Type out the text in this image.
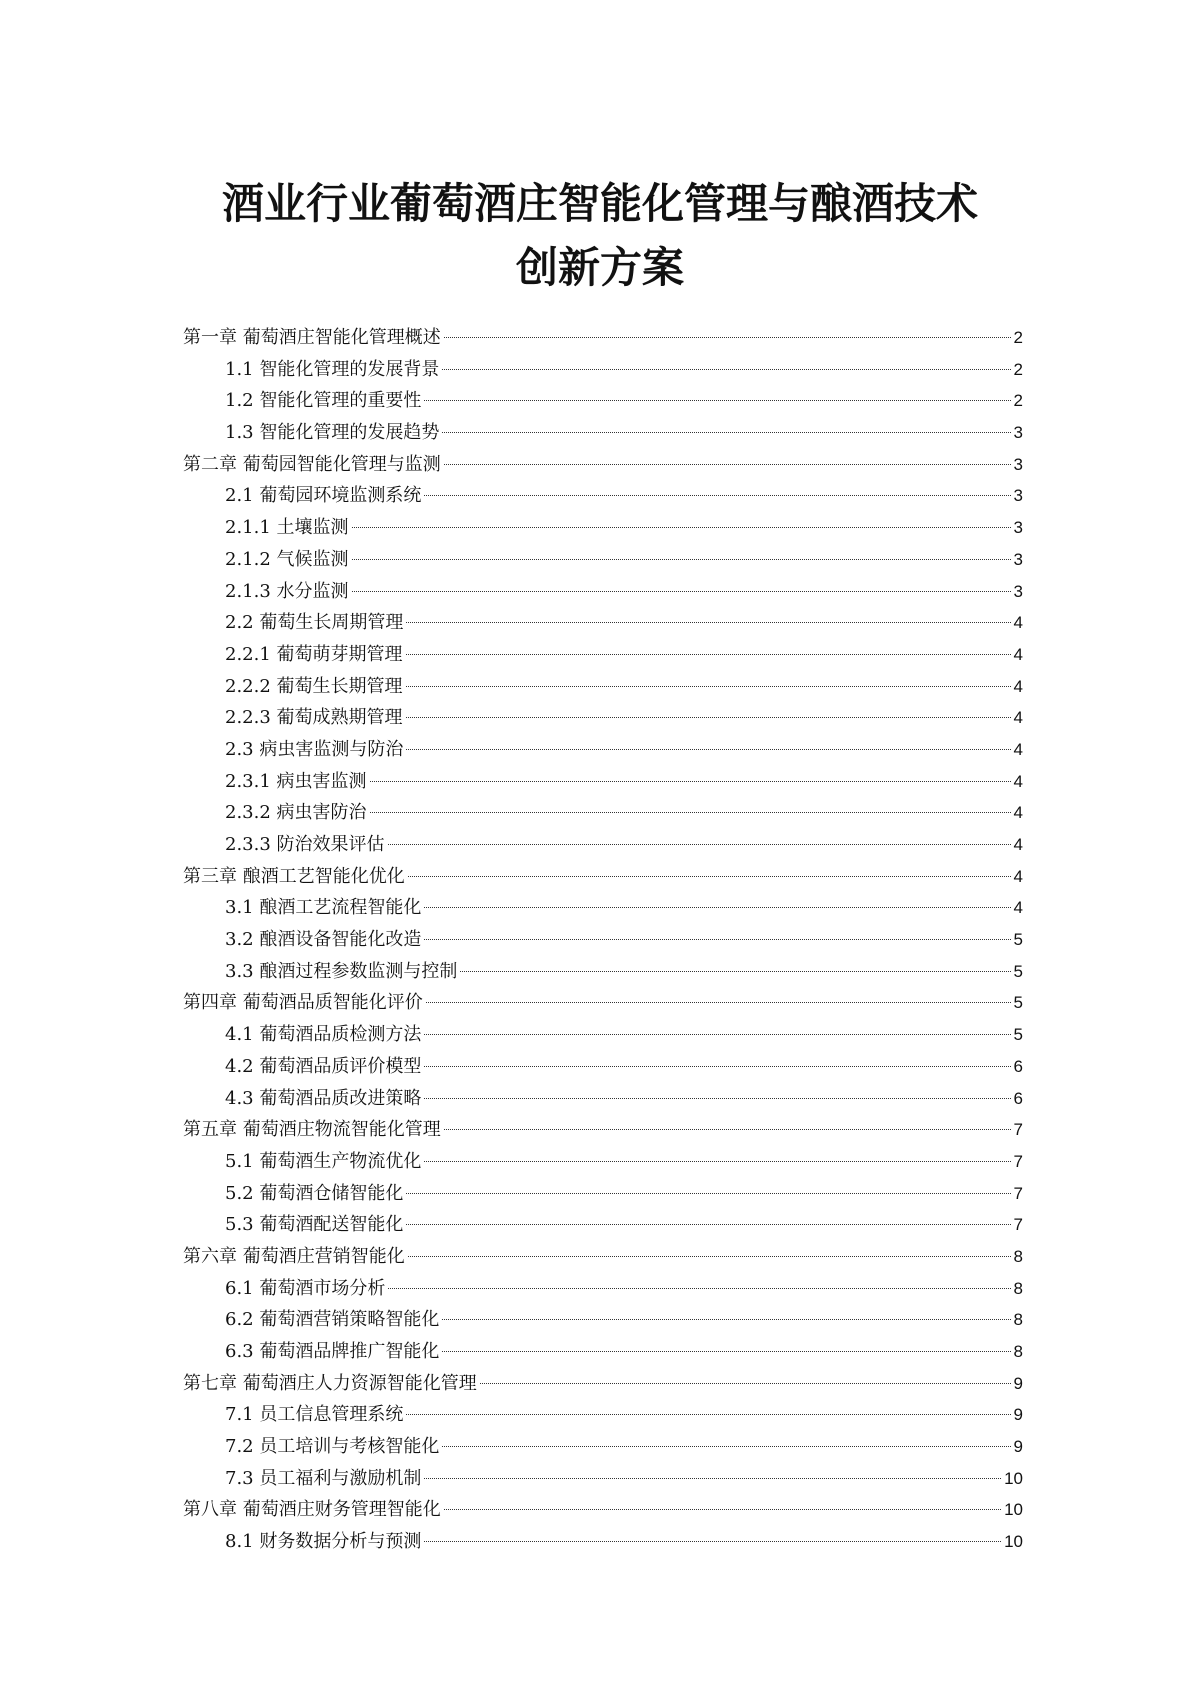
酒业行业葡萄酒庄智能化管理与酿酒技术
创新方案
第一章 葡萄酒庄智能化管理概述	2
1.1 智能化管理的发展背景	2
1.2 智能化管理的重要性	2
1.3 智能化管理的发展趋势	3
第二章 葡萄园智能化管理与监测	3
2.1 葡萄园环境监测系统	3
2.1.1 土壤监测	3
2.1.2 气候监测	3
2.1.3 水分监测	3
2.2 葡萄生长周期管理	4
2.2.1 葡萄萌芽期管理	4
2.2.2 葡萄生长期管理	4
2.2.3 葡萄成熟期管理	4
2.3 病虫害监测与防治	4
2.3.1 病虫害监测	4
2.3.2 病虫害防治	4
2.3.3 防治效果评估	4
第三章 酿酒工艺智能化优化	4
3.1 酿酒工艺流程智能化	4
3.2 酿酒设备智能化改造	5
3.3 酿酒过程参数监测与控制	5
第四章 葡萄酒品质智能化评价	5
4.1 葡萄酒品质检测方法	5
4.2 葡萄酒品质评价模型	6
4.3 葡萄酒品质改进策略	6
第五章 葡萄酒庄物流智能化管理	7
5.1 葡萄酒生产物流优化	7
5.2 葡萄酒仓储智能化	7
5.3 葡萄酒配送智能化	7
第六章 葡萄酒庄营销智能化	8
6.1 葡萄酒市场分析	8
6.2 葡萄酒营销策略智能化	8
6.3 葡萄酒品牌推广智能化	8
第七章 葡萄酒庄人力资源智能化管理	9
7.1 员工信息管理系统	9
7.2 员工培训与考核智能化	9
7.3 员工福利与激励机制	10
第八章 葡萄酒庄财务管理智能化	10
8.1 财务数据分析与预测	10
